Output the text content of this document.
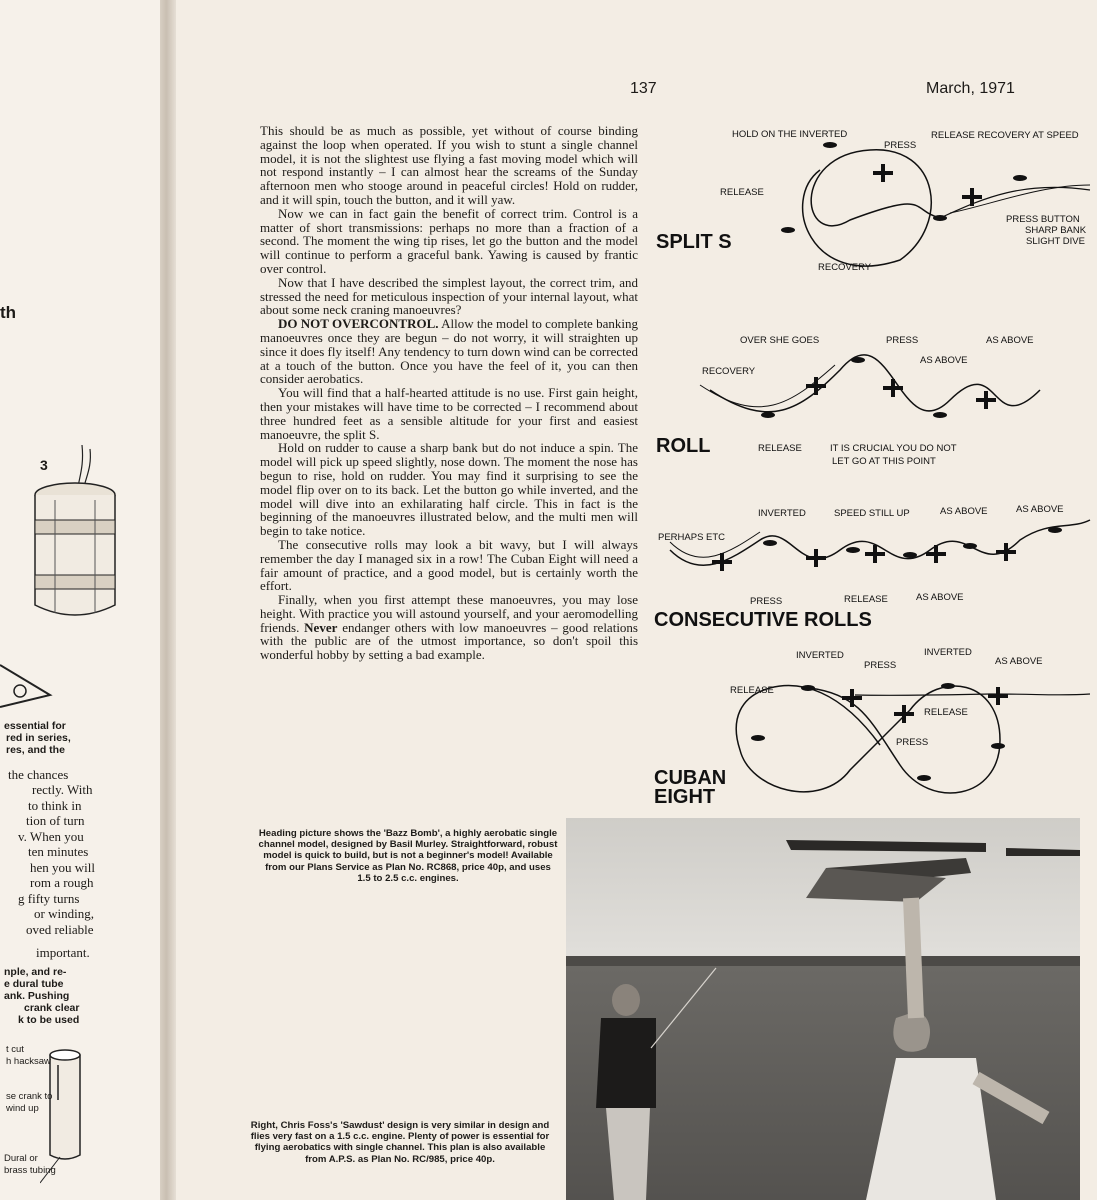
th
3
essential for
red in series,
res, and the
the chances
rectly. With
to think in
tion of turn
v. When you
ten minutes
hen you will
rom a rough
g fifty turns
or winding,
oved reliable
important.
nple, and re-
e dural tube
ank. Pushing
crank clear
k to be used
t cut
h hacksaw
se crank to
wind up
Dural or
brass tubing
137	March, 1971

This should be as much as possible, yet without of course binding against the loop when operated. If you wish to stunt a single channel model, it is not the slightest use flying a fast moving model which will not respond instantly – I can almost hear the screams of the Sunday afternoon men who stooge around in peaceful circles! Hold on rudder, and it will spin, touch the button, and it will yaw.

Now we can in fact gain the benefit of correct trim. Control is a matter of short transmissions: perhaps no more than a fraction of a second. The moment the wing tip rises, let go the button and the model will continue to perform a graceful bank. Yawing is caused by frantic over control.

Now that I have described the simplest layout, the correct trim, and stressed the need for meticulous inspection of your internal layout, what about some neck craning manoeuvres?

DO NOT OVERCONTROL. Allow the model to complete banking manoeuvres once they are begun – do not worry, it will straighten up since it does fly itself! Any tendency to turn down wind can be corrected at a touch of the button. Once you have the feel of it, you can then consider aerobatics.

You will find that a half-hearted attitude is no use. First gain height, then your mistakes will have time to be corrected – I recommend about three hundred feet as a sensible altitude for your first and easiest manoeuvre, the split S.

Hold on rudder to cause a sharp bank but do not induce a spin. The model will pick up speed slightly, nose down. The moment the nose has begun to rise, hold on rudder. You may find it surprising to see the model flip over on to its back. Let the button go while inverted, and the model will dive into an exhilarating half circle. This in fact is the beginning of the manoeuvres illustrated below, and the multi men will begin to take notice.

The consecutive rolls may look a bit wavy, but I will always remember the day I managed six in a row! The Cuban Eight will need a fair amount of practice, and a good model, but is certainly worth the effort.

Finally, when you first attempt these manoeuvres, you may lose height. With practice you will astound yourself, and your aeromodelling friends. Never endanger others with low manoeuvres – good relations with the public are of the utmost importance, so don't spoil this wonderful hobby by setting a bad example.

SPLIT S
HOLD ON THE INVERTED
PRESS
RELEASE RECOVERY AT SPEED
RELEASE
PRESS BUTTON
SHARP BANK
SLIGHT DIVE
RECOVERY
ROLL
OVER SHE GOES	PRESS	AS ABOVE
AS ABOVE
RECOVERY
RELEASE	IT IS CRUCIAL YOU DO NOT
LET GO AT THIS POINT
CONSECUTIVE ROLLS
INVERTED	SPEED STILL UP	AS ABOVE	AS ABOVE
PERHAPS ETC
PRESS	RELEASE	AS ABOVE
CUBAN
EIGHT
INVERTED
PRESS
INVERTED
AS ABOVE
RELEASE
RELEASE
PRESS
Heading picture shows the 'Bazz Bomb', a highly aerobatic single channel model, designed by Basil Murley. Straightforward, robust model is quick to build, but is not a beginner's model! Available from our Plans Service as Plan No. RC868, price 40p, and uses 1.5 to 2.5 c.c. engines.
Right, Chris Foss's 'Sawdust' design is very similar in design and flies very fast on a 1.5 c.c. engine. Plenty of power is essential for flying aerobatics with single channel. This plan is also available from A.P.S. as Plan No. RC/985, price 40p.
